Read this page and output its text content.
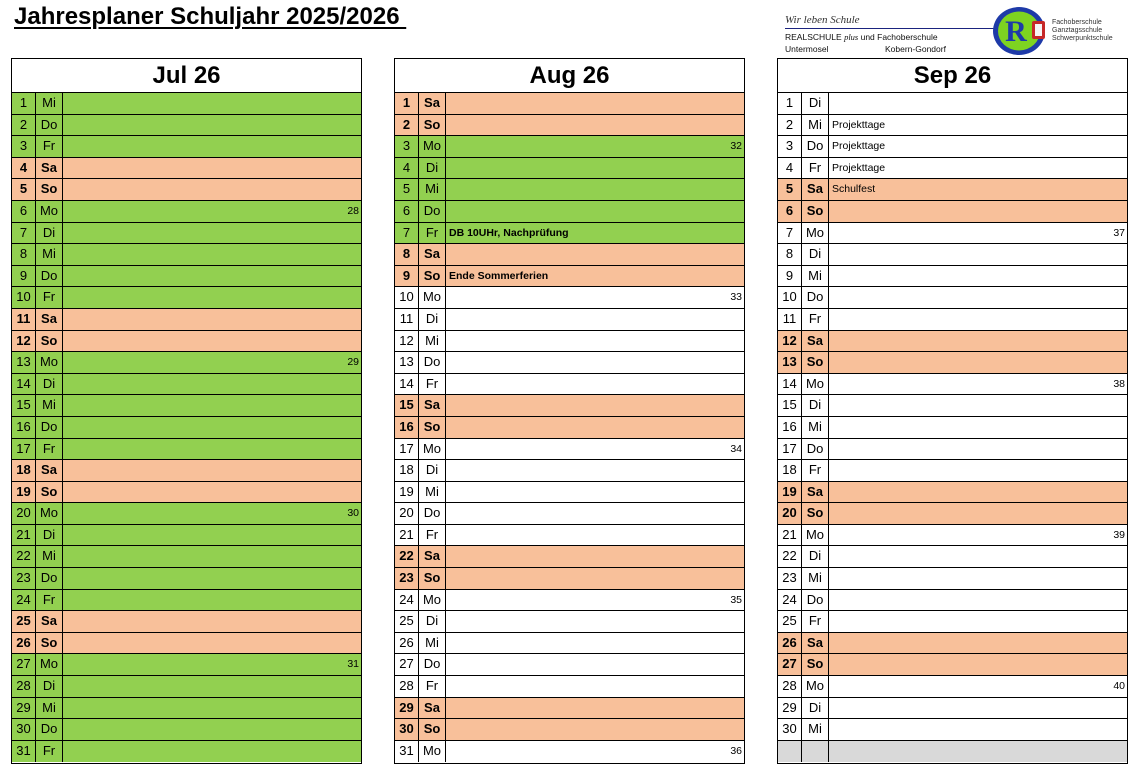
Jahresplaner Schuljahr 2025/2026	Wir leben Schule
REALSCHULE plus und Fachoberschule
Untermosel	Kobern-Gondorf
R	Fachoberschule
Ganztagsschule
Schwerpunktschule
Jul 26
1	Mi
2	Do
3	Fr
4	Sa
5	So
6 Mo	28
7	Di
8	Mi
9	Do
10 Fr
11 Sa
12 So
13 Mo	29
14 Di
15 Mi
16 Do
17 Fr
18 Sa
19 So
20 Mo	30
21 Di
22 Mi
23 Do
24 Fr
25 Sa
26 So
27 Mo	31
28 Di
29 Mi
30 Do
31 Fr
Aug 26
1	Sa
2	So
3 Mo	32
4	Di
5	Mi
6	Do
7	Fr	DB 10UHr, Nachprüfung
8	Sa
9	So Ende Sommerferien
10 Mo	33
11 Di
12 Mi
13 Do
14 Fr
15 Sa
16 So
17 Mo	34
18 Di
19 Mi
20 Do
21 Fr
22 Sa
23 So
24 Mo	35
25 Di
26 Mi
27 Do
28 Fr
29 Sa
30 So
31 Mo	36
Sep 26
1	Di
2	Mi Projekttage
3	Do Projekttage
4	Fr	Projekttage
5	Sa Schulfest
6	So
7 Mo	37
8	Di
9	Mi
10 Do
11 Fr
12 Sa
13 So
14 Mo	38
15 Di
16 Mi
17 Do
18 Fr
19 Sa
20 So
21 Mo	39
22 Di
23 Mi
24 Do
25 Fr
26 Sa
27 So
28 Mo	40
29 Di
30 Mi
